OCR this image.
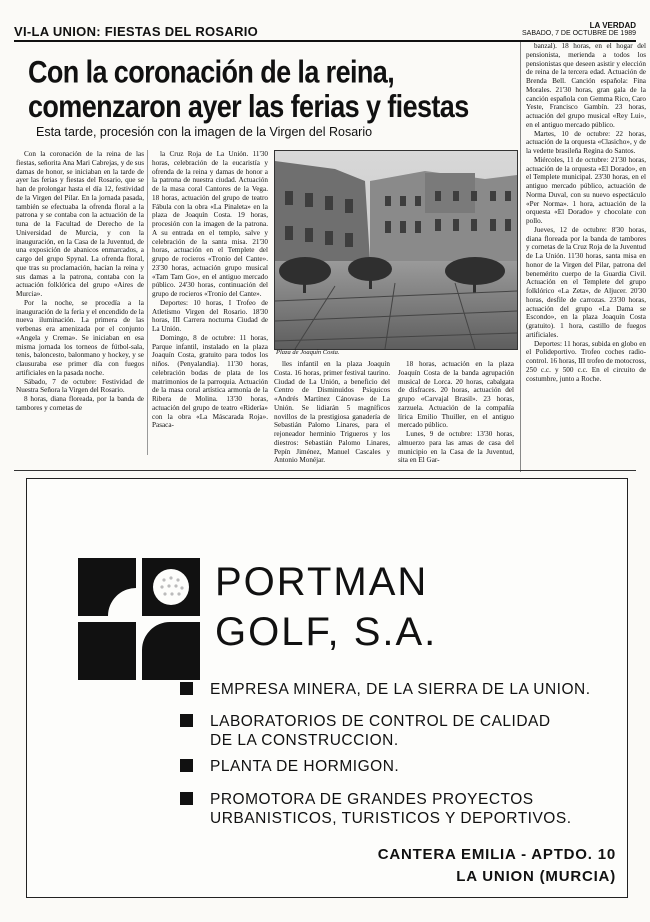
VI-LA UNION: FIESTAS DEL ROSARIO	LA VERDAD
SABADO, 7 DE OCTUBRE DE 1989
Con la coronación de la reina,
comenzaron ayer las ferias y fiestas
Esta tarde, procesión con la imagen de la Virgen del Rosario

Con la coronación de la reina de las fiestas, señorita Ana Mari Cabrejas, y de sus damas de honor, se iniciaban en la tarde de ayer las ferias y fiestas del Rosario, que se han de prolongar hasta el día 12, festividad de la Virgen del Pilar. En la jornada pasada, también se efectuaba la ofrenda floral a la patrona y se contaba con la actuación de la tuna de la Facultad de Derecho de la Universidad de Murcia, y con la inauguración, en la Casa de la Juventud, de una exposición de abanicos enmarcados, a cargo del grupo Spynal. La ofrenda floral, que tras su proclamación, hacían la reina y sus damas a la patrona, contaba con la actuación folklórica del grupo «Aires de Murcia».

Por la noche, se procedía a la inauguración de la feria y el encendido de la nueva iluminación. La primera de las verbenas era amenizada por el conjunto «Angela y Crema». Se iniciaban en esa misma jornada los torneos de fútbol-sala, tenis, baloncesto, balonmano y hockey, y se clausuraba ese primer día con fuegos artificiales en la pasada noche.

Sábado, 7 de octubre: Festividad de Nuestra Señora la Virgen del Rosario.

8 horas, diana floreada, por la banda de tambores y cornetas de

la Cruz Roja de La Unión. 11'30 horas, celebración de la eucaristía y ofrenda de la reina y damas de honor a la patrona de nuestra ciudad. Actuación de la masa coral Cantores de la Vega. 18 horas, actuación del grupo de teatro Fábula con la obra «La Pinaleta» en la plaza de Joaquín Costa. 19 horas, procesión con la imagen de la patrona. A su entrada en el templo, salve y celebración de la santa misa. 21'30 horas, actuación en el Templete del grupo de rocieros «Tronío del Cante». 23'30 horas, actuación grupo musical «Tam Tam Go», en el antiguo mercado público. 24'30 horas, continuación del grupo de rocieros «Tronío del Cante».

Deportes: 10 horas, I Trofeo de Atletismo Virgen del Rosario. 18'30 horas, III Carrera nocturna Ciudad de La Unión.

Domingo, 8 de octubre: 11 horas, Parque infantil, instalado en la plaza Joaquín Costa, gratuito para todos los niños. (Penyalandia). 11'30 horas, celebración bodas de plata de los matrimonios de la parroquia. Actuación de la masa coral artística armonía de la Ribera de Molina. 13'30 horas, actuación del grupo de teatro «Ridería» con la obra «La Máscarada Roja». Pasaca-

Plaza de Joaquín Costa.

lles infantil en la plaza Joaquín Costa. 16 horas, primer festival taurino. Ciudad de La Unión, a beneficio del Centro de Disminuidos Psíquicos «Andrés Martínez Cánovas» de La Unión. Se lidiarán 5 magníficos novillos de la prestigiosa ganadería de Sebastián Palomo Linares, para el rejoneador herminio Trigueros y los diestros: Sebastián Palomo Linares, Pepín Jiménez, Manuel Cascales y Antonio Monéjar.

18 horas, actuación en la plaza Joaquín Costa de la banda agrupación musical de Lorca. 20 horas, cabalgata de disfraces. 20 horas, actuación del grupo «Carvajal Brasil». 23 horas, zarzuela. Actuación de la compañía lírica Emilio Thuiller, en el antiguo mercado público.

Lunes, 9 de octubre: 13'30 horas, almuerzo para las amas de casa del municipio en la Casa de la Juventud, sita en El Gar-

banzal). 18 horas, en el hogar del pensionista, merienda a todos los pensionistas que deseen asistir y elección de reina de la tercera edad. Actuación de Brenda Bell. Canción española: Fina Morales. 21'30 horas, gran gala de la canción española con Gemma Rico, Caro Yeste, Francisco Gambín. 23 horas, actuación del grupo musical «Rey Lui», en el antiguo mercado público.

Martes, 10 de octubre: 22 horas, actuación de la orquesta «Clasicho», y de la vedette brasileña Regina do Santos.

Miércoles, 11 de octubre: 21'30 horas, actuación de la orquesta «El Dorado», en el Templete municipal. 23'30 horas, en el antiguo mercado público, actuación de Norma Duval, con su nuevo espectáculo «Per Norma». 1 hora, actuación de la orquesta «El Dorado» y chocolate con pollo.

Jueves, 12 de octubre: 8'30 horas, diana floreada por la banda de tambores y cornetas de la Cruz Roja de la Juventud de La Unión. 11'30 horas, santa misa en honor de la Virgen del Pilar, patrona del benemérito cuerpo de la Guardia Civil. Actuación en el Templete del grupo folklórico «La Zeta», de Aljucer. 20'30 horas, desfile de carrozas. 23'30 horas, actuación del grupo «La Dama se Escondo», en la plaza Joaquín Costa (gratuito). 1 hora, castillo de fuegos artificiales.

Deportes: 11 horas, subida en globo en el Polideportivo. Trofeo coches radio-control. 16 horas, III trofeo de motocross, 250 c.c. y 500 c.c. En el circuito de costumbre, junto a Roche.

PORTMAN
GOLF, S.A.
EMPRESA MINERA, DE LA SIERRA DE LA UNION.
LABORATORIOS DE CONTROL DE CALIDAD
DE LA CONSTRUCCION.
PLANTA DE HORMIGON.
PROMOTORA DE GRANDES PROYECTOS
URBANISTICOS, TURISTICOS Y DEPORTIVOS.
CANTERA EMILIA - APTDO. 10
LA UNION (MURCIA)
